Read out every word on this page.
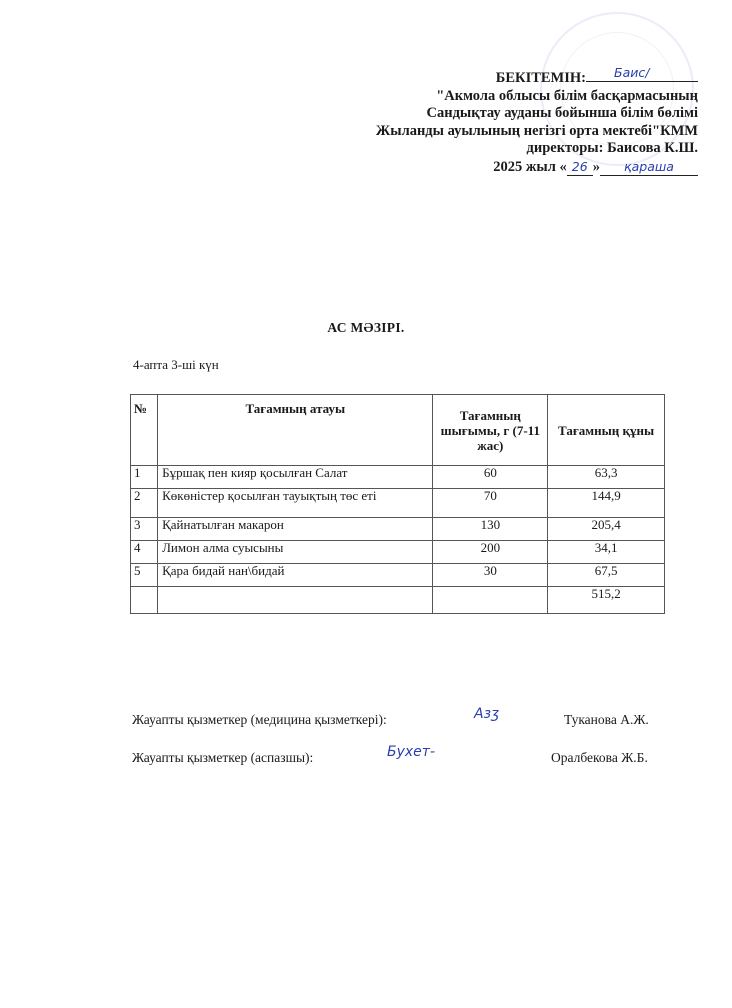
БЕКІТЕМІН: Баис/
"Акмола облысы білім басқармасының
Сандықтау ауданы бойынша білім бөлімі
Жыланды ауылының негізгі орта мектебі"КММ
директоры: Баисова К.Ш.
2025 жыл « 26 » қараша
АС МӘЗІРІ.
4-апта 3-ші күн
№	Тағамның атауы	Тағамның шығымы, г (7-11 жас)	Тағамның құны
1	Бұршақ пен кияр қосылған Салат	60	63,3
2	Көкөністер қосылған тауықтың төс еті	70	144,9
3	Қайнатылған макарон	130	205,4
4	Лимон алма суысыны	200	34,1
5	Қара бидай нан\бидай	30	67,5
			515,2
Жауапты қызметкер (медицина қызметкері):	Азӡ	Туканова А.Ж.
Жауапты қызметкер (аспазшы):	Бухет-	Оралбекова Ж.Б.
